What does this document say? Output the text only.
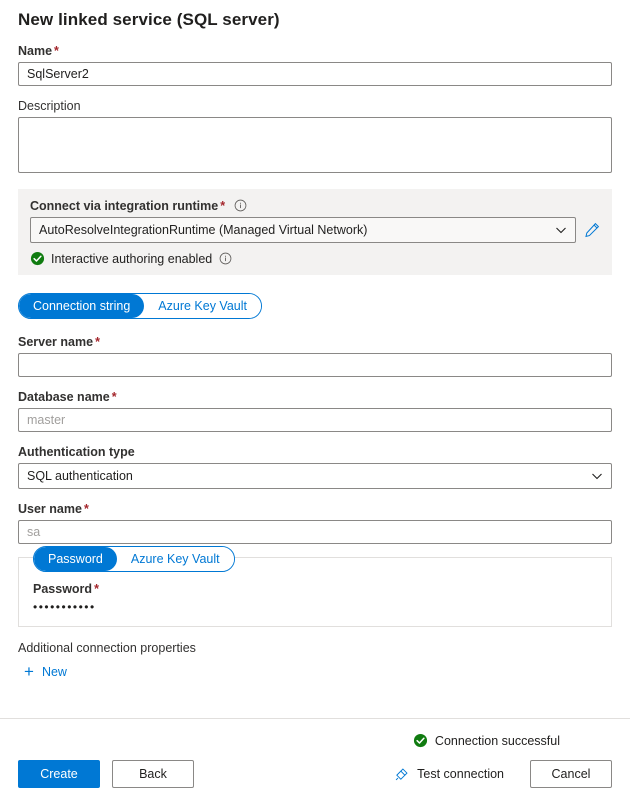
New linked service (SQL server)
Name *
SqlServer2
Description
Connect via integration runtime *
AutoResolveIntegrationRuntime (Managed Virtual Network)
Interactive authoring enabled
Connection string	Azure Key Vault
Server name *
Database name *
master
Authentication type
SQL authentication
User name *
sa
Password	Azure Key Vault
Password *
•••••••••••
Additional connection properties
+ New
Connection successful
Create	Back	Test connection	Cancel
